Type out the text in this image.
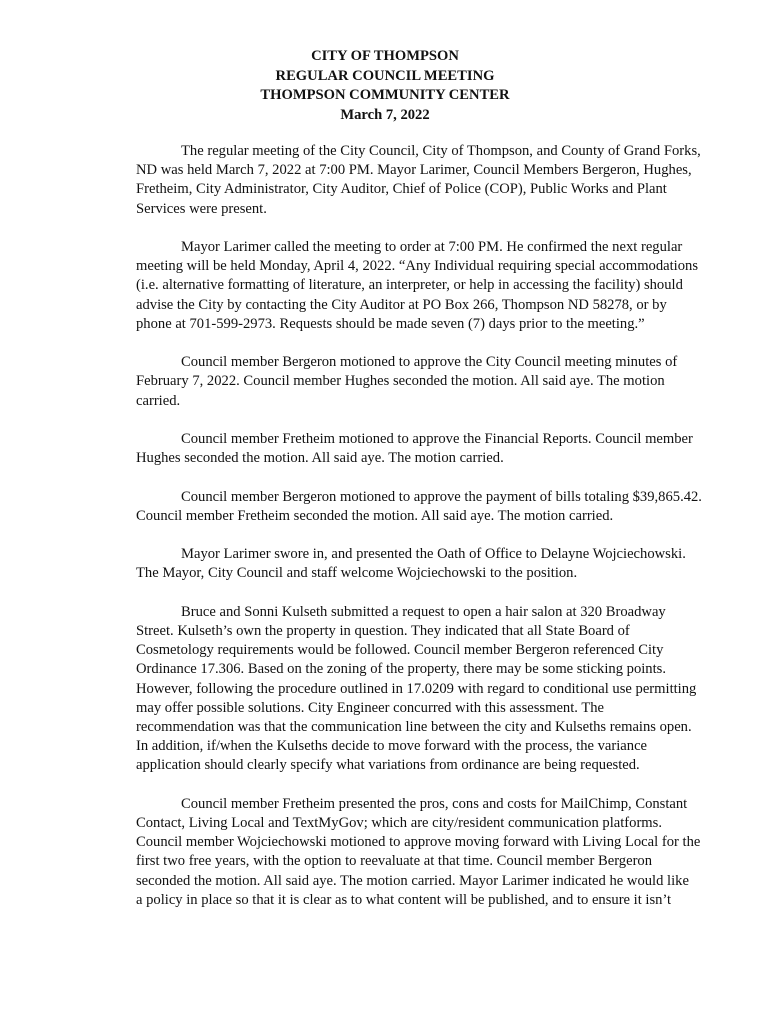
CITY OF THOMPSON
REGULAR COUNCIL MEETING
THOMPSON COMMUNITY CENTER
March 7, 2022

The regular meeting of the City Council, City of Thompson, and County of Grand Forks,
ND was held March 7, 2022 at 7:00 PM. Mayor Larimer, Council Members Bergeron, Hughes,
Fretheim, City Administrator, City Auditor, Chief of Police (COP), Public Works and Plant
Services were present.

Mayor Larimer called the meeting to order at 7:00 PM. He confirmed the next regular
meeting will be held Monday, April 4, 2022. “Any Individual requiring special accommodations
(i.e. alternative formatting of literature, an interpreter, or help in accessing the facility) should
advise the City by contacting the City Auditor at PO Box 266, Thompson ND 58278, or by
phone at 701-599-2973. Requests should be made seven (7) days prior to the meeting.”

Council member Bergeron motioned to approve the City Council meeting minutes of
February 7, 2022. Council member Hughes seconded the motion. All said aye. The motion
carried.

Council member Fretheim motioned to approve the Financial Reports. Council member
Hughes seconded the motion. All said aye. The motion carried.

Council member Bergeron motioned to approve the payment of bills totaling $39,865.42.
Council member Fretheim seconded the motion. All said aye. The motion carried.

Mayor Larimer swore in, and presented the Oath of Office to Delayne Wojciechowski.
The Mayor, City Council and staff welcome Wojciechowski to the position.

Bruce and Sonni Kulseth submitted a request to open a hair salon at 320 Broadway
Street. Kulseth’s own the property in question. They indicated that all State Board of
Cosmetology requirements would be followed. Council member Bergeron referenced City
Ordinance 17.306. Based on the zoning of the property, there may be some sticking points.
However, following the procedure outlined in 17.0209 with regard to conditional use permitting
may offer possible solutions. City Engineer concurred with this assessment. The
recommendation was that the communication line between the city and Kulseths remains open.
In addition, if/when the Kulseths decide to move forward with the process, the variance
application should clearly specify what variations from ordinance are being requested.

Council member Fretheim presented the pros, cons and costs for MailChimp, Constant
Contact, Living Local and TextMyGov; which are city/resident communication platforms.
Council member Wojciechowski motioned to approve moving forward with Living Local for the
first two free years, with the option to reevaluate at that time. Council member Bergeron
seconded the motion. All said aye. The motion carried. Mayor Larimer indicated he would like
a policy in place so that it is clear as to what content will be published, and to ensure it isn’t
